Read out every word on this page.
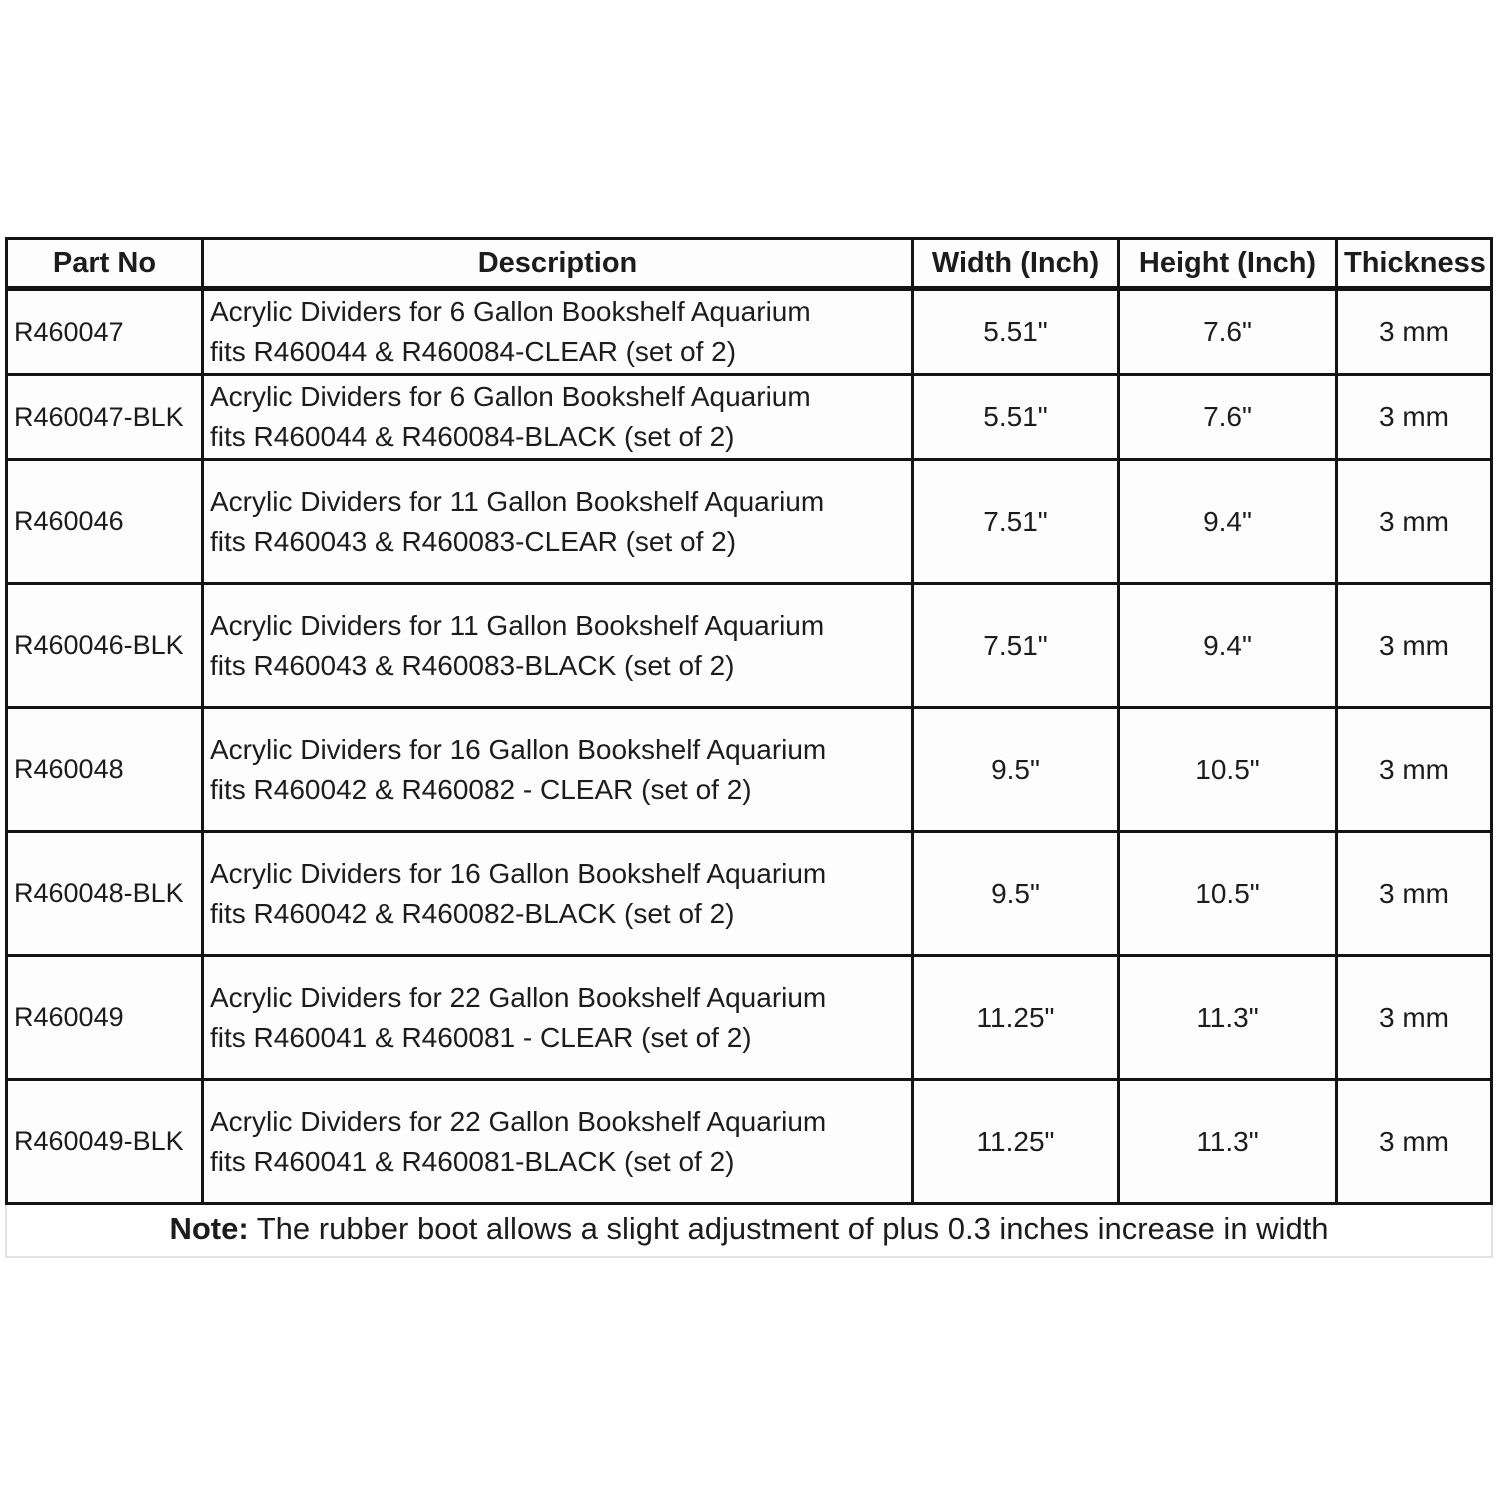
Part No	Description	Width (Inch)	Height (Inch)	Thickness
R460047	Acrylic Dividers for 6 Gallon Bookshelf Aquarium
fits R460044 & R460084-CLEAR (set of 2)	5.51"	7.6"	3 mm
R460047-BLK	Acrylic Dividers for 6 Gallon Bookshelf Aquarium
fits R460044 & R460084-BLACK (set of 2)	5.51"	7.6"	3 mm
R460046	Acrylic Dividers for 11 Gallon Bookshelf Aquarium
fits R460043 & R460083-CLEAR (set of 2)	7.51"	9.4"	3 mm
R460046-BLK	Acrylic Dividers for 11 Gallon Bookshelf Aquarium
fits R460043 & R460083-BLACK (set of 2)	7.51"	9.4"	3 mm
R460048	Acrylic Dividers for 16 Gallon Bookshelf Aquarium
fits R460042 & R460082 - CLEAR (set of 2)	9.5"	10.5"	3 mm
R460048-BLK	Acrylic Dividers for 16 Gallon Bookshelf Aquarium
fits R460042 & R460082-BLACK (set of 2)	9.5"	10.5"	3 mm
R460049	Acrylic Dividers for 22 Gallon Bookshelf Aquarium
fits R460041 & R460081 - CLEAR (set of 2)	11.25"	11.3"	3 mm
R460049-BLK	Acrylic Dividers for 22 Gallon Bookshelf Aquarium
fits R460041 & R460081-BLACK (set of 2)	11.25"	11.3"	3 mm
Note: The rubber boot allows a slight adjustment of plus 0.3 inches increase in width
